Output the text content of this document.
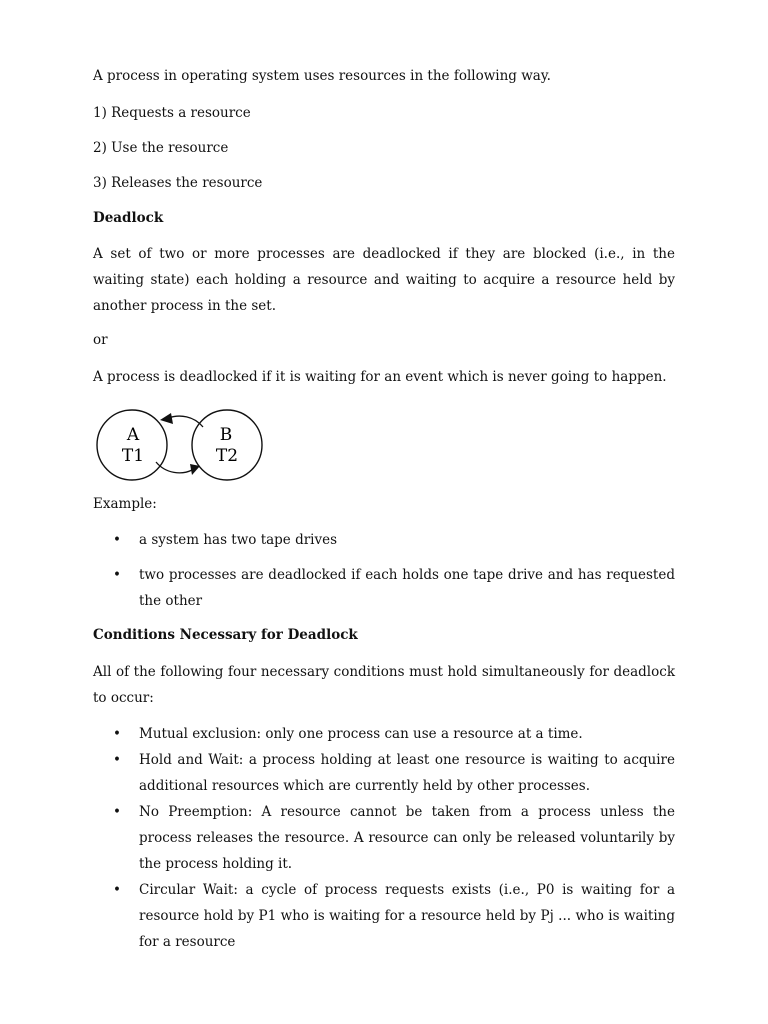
A process in operating system uses resources in the following way.

1) Requests a resource

2) Use the resource

3) Releases the resource

Deadlock

A set of two or more processes are deadlocked if they are blocked (i.e., in the waiting state) each holding a resource and waiting to acquire a resource held by another process in the set.

or

A process is deadlocked if it is waiting for an event which is never going to happen.

Example:

• a system has two tape drives

• two processes are deadlocked if each holds one tape drive and has requested the other

Conditions Necessary for Deadlock

All of the following four necessary conditions must hold simultaneously for deadlock to occur:

• Mutual exclusion: only one process can use a resource at a time.

• Hold and Wait: a process holding at least one resource is waiting to acquire additional resources which are currently held by other processes.

• No Preemption: A resource cannot be taken from a process unless the process releases the resource. A resource can only be released voluntarily by the process holding it.

• Circular Wait: a cycle of process requests exists (i.e., P0 is waiting for a resource hold by P1 who is waiting for a resource held by Pj ... who is waiting for a resource

A
T1
B
T2
